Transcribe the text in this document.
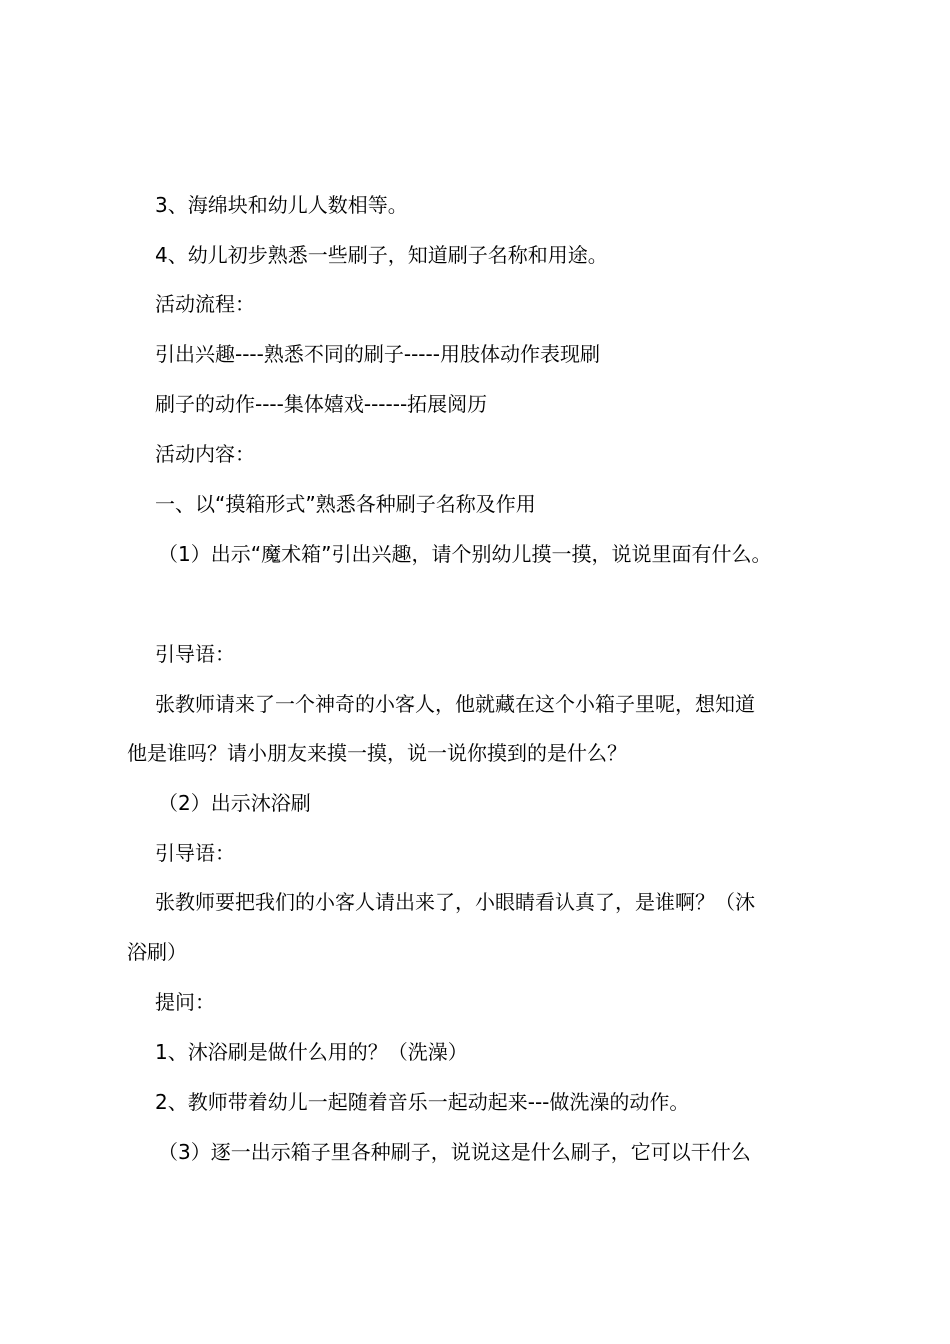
3、海绵块和幼儿人数相等。
4、幼儿初步熟悉一些刷子，知道刷子名称和用途。
活动流程：
引出兴趣----熟悉不同的刷子-----用肢体动作表现刷
刷子的动作----集体嬉戏------拓展阅历
活动内容：
一、以“摸箱形式”熟悉各种刷子名称及作用
（1）出示“魔术箱”引出兴趣，请个别幼儿摸一摸，说说里面有什么。
引导语：
张教师请来了一个神奇的小客人，他就藏在这个小箱子里呢，想知道
他是谁吗？请小朋友来摸一摸，说一说你摸到的是什么？
（2）出示沐浴刷
引导语：
张教师要把我们的小客人请出来了，小眼睛看认真了，是谁啊？（沐
浴刷）
提问：
1、沐浴刷是做什么用的？（洗澡）
2、教师带着幼儿一起随着音乐一起动起来---做洗澡的动作。
（3）逐一出示箱子里各种刷子，说说这是什么刷子，它可以干什么
